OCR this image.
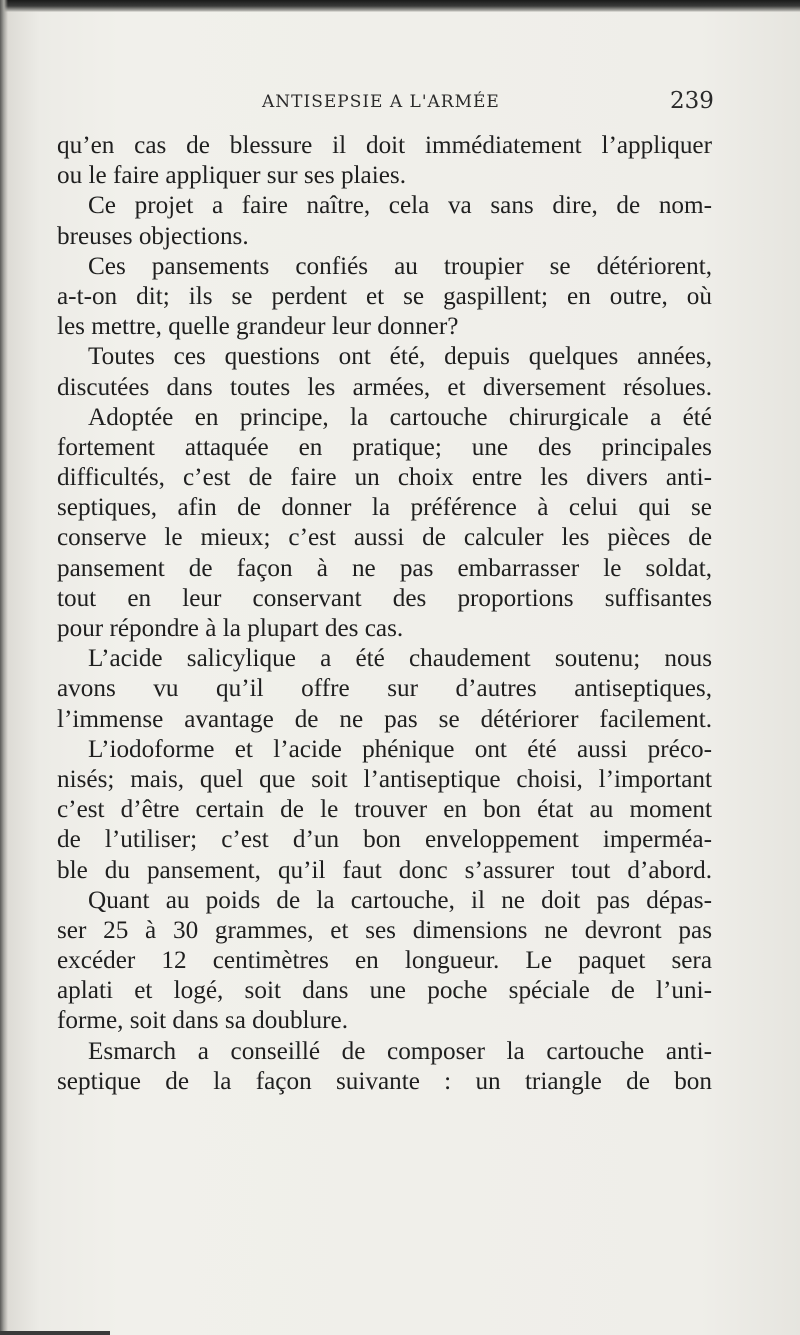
ANTISEPSIE A L'ARMÉE	239
qu’en cas de blessure il doit immédiatement l’appliquer
ou le faire appliquer sur ses plaies.
Ce projet a faire naître, cela va sans dire, de nom-
breuses objections.
Ces pansements confiés au troupier se détériorent,
a-t-on dit; ils se perdent et se gaspillent; en outre, où
les mettre, quelle grandeur leur donner?
Toutes ces questions ont été, depuis quelques années,
discutées dans toutes les armées, et diversement résolues.
Adoptée en principe, la cartouche chirurgicale a été
fortement attaquée en pratique; une des principales
difficultés, c’est de faire un choix entre les divers anti-
septiques, afin de donner la préférence à celui qui se
conserve le mieux; c’est aussi de calculer les pièces de
pansement de façon à ne pas embarrasser le soldat,
tout en leur conservant des proportions suffisantes
pour répondre à la plupart des cas.
L’acide salicylique a été chaudement soutenu; nous
avons vu qu’il offre sur d’autres antiseptiques,
l’immense avantage de ne pas se détériorer facilement.
L’iodoforme et l’acide phénique ont été aussi préco-
nisés; mais, quel que soit l’antiseptique choisi, l’important
c’est d’être certain de le trouver en bon état au moment
de l’utiliser; c’est d’un bon enveloppement imperméa-
ble du pansement, qu’il faut donc s’assurer tout d’abord.
Quant au poids de la cartouche, il ne doit pas dépas-
ser 25 à 30 grammes, et ses dimensions ne devront pas
excéder 12 centimètres en longueur. Le paquet sera
aplati et logé, soit dans une poche spéciale de l’uni-
forme, soit dans sa doublure.
Esmarch a conseillé de composer la cartouche anti-
septique de la façon suivante : un triangle de bon
